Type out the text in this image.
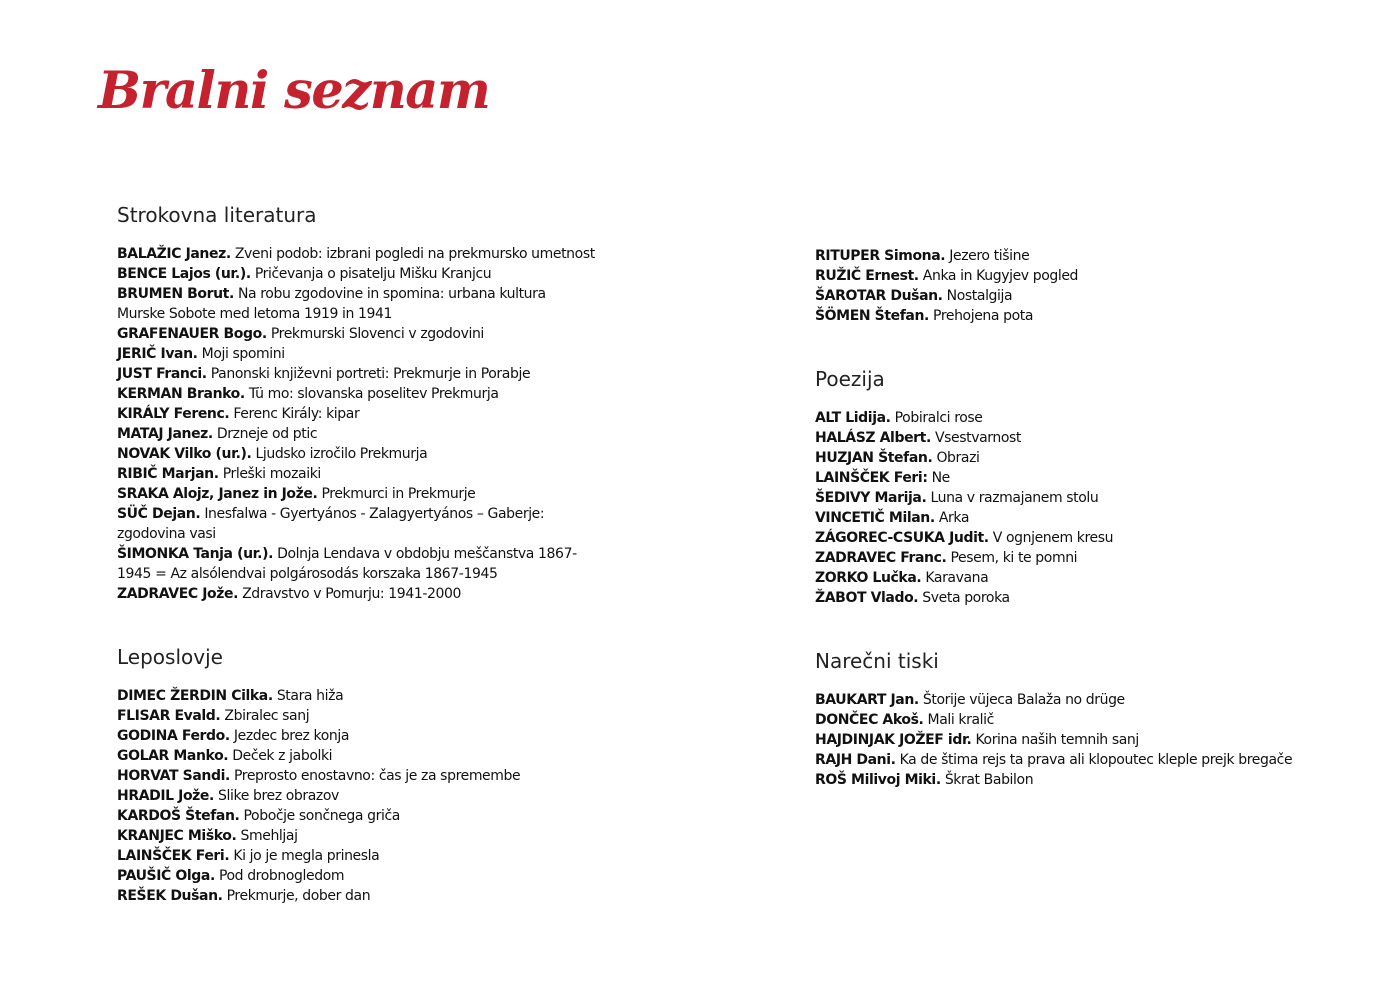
Bralni seznam
Strokovna literatura
BALAŽIC Janez. Zveni podob: izbrani pogledi na prekmursko umetnost
BENCE Lajos (ur.). Pričevanja o pisatelju Mišku Kranjcu
BRUMEN Borut. Na robu zgodovine in spomina: urbana kultura Murske Sobote med letoma 1919 in 1941
GRAFENAUER Bogo. Prekmurski Slovenci v zgodovini
JERIČ Ivan. Moji spomini
JUST Franci. Panonski književni portreti: Prekmurje in Porabje
KERMAN Branko. Tü mo: slovanska poselitev Prekmurja
KIRÁLY Ferenc. Ferenc Király: kipar
MATAJ Janez. Drzneje od ptic
NOVAK Vilko (ur.). Ljudsko izročilo Prekmurja
RIBIČ Marjan. Prleški mozaiki
SRAKA Alojz, Janez in Jože. Prekmurci in Prekmurje
SÜČ Dejan. Inesfalwa - Gyertyános - Zalagyertyános – Gaberje: zgodovina vasi
ŠIMONKA Tanja (ur.). Dolnja Lendava v obdobju meščanstva 1867-1945 = Az alsólendvai polgárosodás korszaka 1867-1945
ZADRAVEC Jože. Zdravstvo v Pomurju: 1941-2000
Leposlovje
DIMEC ŽERDIN Cilka. Stara hiža
FLISAR Evald. Zbiralec sanj
GODINA Ferdo. Jezdec brez konja
GOLAR Manko. Deček z jabolki
HORVAT Sandi. Preprosto enostavno: čas je za spremembe
HRADIL Jože. Slike brez obrazov
KARDOŠ Štefan. Pobočje sončnega griča
KRANJEC Miško. Smehljaj
LAINŠČEK Feri. Ki jo je megla prinesla
PAUŠIČ Olga. Pod drobnogledom
REŠEK Dušan. Prekmurje, dober dan
RITUPER Simona. Jezero tišine
RUŽIČ Ernest. Anka in Kugyjev pogled
ŠAROTAR Dušan. Nostalgija
ŠÖMEN Štefan. Prehojena pota
Poezija
ALT Lidija. Pobiralci rose
HALÁSZ Albert. Vsestvarnost
HUZJAN Štefan. Obrazi
LAINŠČEK Feri: Ne
ŠEDIVY Marija. Luna v razmajanem stolu
VINCETIČ Milan. Arka
ZÁGOREC-CSUKA Judit. V ognjenem kresu
ZADRAVEC Franc. Pesem, ki te pomni
ZORKO Lučka. Karavana
ŽABOT Vlado. Sveta poroka
Narečni tiski
BAUKART Jan. Štorije vüjeca Balaža no drüge
DONČEC Akoš. Mali kralič
HAJDINJAK JOŽEF idr. Korina naših temnih sanj
RAJH Dani. Ka de štima rejs ta prava ali klopoutec kleple prejk bregače
ROŠ Milivoj Miki. Škrat Babilon
